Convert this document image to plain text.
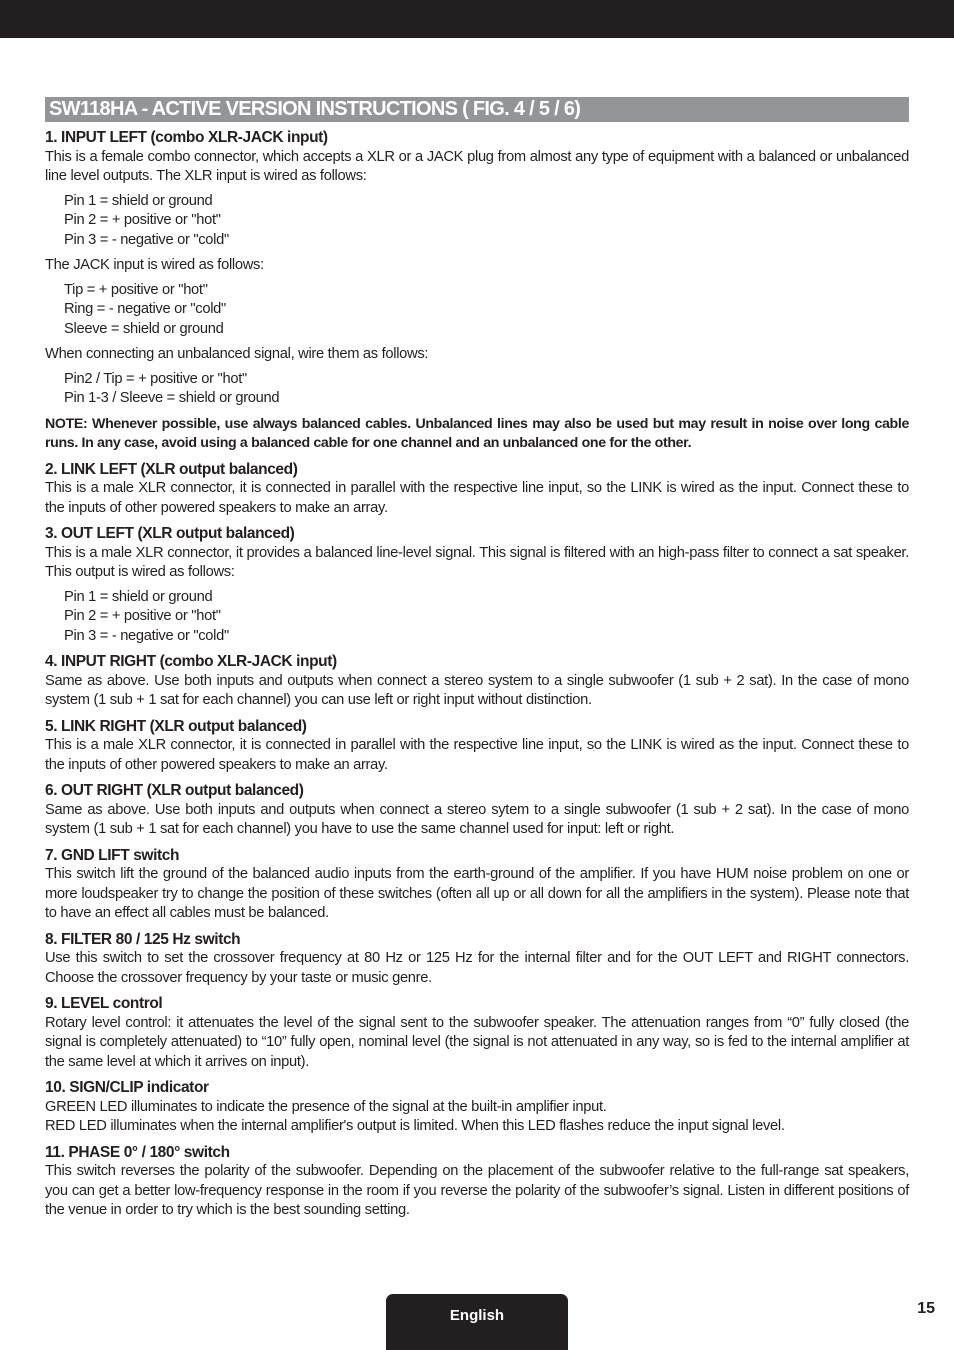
SW118HA - ACTIVE VERSION INSTRUCTIONS ( FIG. 4 / 5 / 6)
1. INPUT LEFT (combo XLR-JACK input)

This is a female combo connector, which accepts a XLR or a JACK plug from almost any type of equipment with a balanced or unbalanced line level outputs. The XLR input is wired as follows:

Pin 1 = shield or ground
Pin 2 = + positive or "hot"
Pin 3 = - negative or "cold"

The JACK input is wired as follows:

Tip = + positive or "hot"
Ring = - negative or "cold"
Sleeve = shield or ground

When connecting an unbalanced signal, wire them as follows:

Pin2 / Tip = + positive or "hot"
Pin 1-3 / Sleeve = shield or ground
NOTE: Whenever possible, use always balanced cables. Unbalanced lines may also be used but may result in noise over long cable runs. In any case, avoid using a balanced cable for one channel and an unbalanced one for the other.
2. LINK LEFT (XLR output balanced)

This is a male XLR connector, it is connected in parallel with the respective line input, so the LINK is wired as the input. Connect these to the inputs of other powered speakers to make an array.

3. OUT LEFT (XLR output balanced)

This is a male XLR connector, it provides a balanced line-level signal. This signal is filtered with an high-pass filter to connect a sat speaker. This output is wired as follows:

Pin 1 = shield or ground
Pin 2 = + positive or "hot"
Pin 3 = - negative or "cold"
4. INPUT RIGHT (combo XLR-JACK input)

Same as above. Use both inputs and outputs when connect a stereo system to a single subwoofer (1 sub + 2 sat). In the case of mono system (1 sub + 1 sat for each channel) you can use left or right input without distinction.

5. LINK RIGHT (XLR output balanced)

This is a male XLR connector, it is connected in parallel with the respective line input, so the LINK is wired as the input. Connect these to the inputs of other powered speakers to make an array.

6. OUT RIGHT (XLR output balanced)

Same as above. Use both inputs and outputs when connect a stereo sytem to a single subwoofer (1 sub + 2 sat). In the case of mono system (1 sub + 1 sat for each channel) you have to use the same channel used for input: left or right.

7. GND LIFT switch

This switch lift the ground of the balanced audio inputs from the earth-ground of the amplifier. If you have HUM noise problem on one or more loudspeaker try to change the position of these switches (often all up or all down for all the amplifiers in the system). Please note that to have an effect all cables must be balanced.

8. FILTER 80 / 125 Hz switch

Use this switch to set the crossover frequency at 80 Hz or 125 Hz for the internal filter and for the OUT LEFT and RIGHT connectors. Choose the crossover frequency by your taste or music genre.

9. LEVEL control

Rotary level control: it attenuates the level of the signal sent to the subwoofer speaker. The attenuation ranges from “0” fully closed (the signal is completely attenuated) to “10” fully open, nominal level (the signal is not attenuated in any way, so is fed to the internal amplifier at the same level at which it arrives on input).

10. SIGN/CLIP indicator

GREEN LED illuminates to indicate the presence of the signal at the built-in amplifier input.

RED LED illuminates when the internal amplifier's output is limited. When this LED flashes reduce the input signal level.

11. PHASE 0° / 180° switch

This switch reverses the polarity of the subwoofer. Depending on the placement of the subwoofer relative to the full-range sat speakers, you can get a better low-frequency response in the room if you reverse the polarity of the subwoofer’s signal. Listen in different positions of the venue in order to try which is the best sounding setting.

English	15
